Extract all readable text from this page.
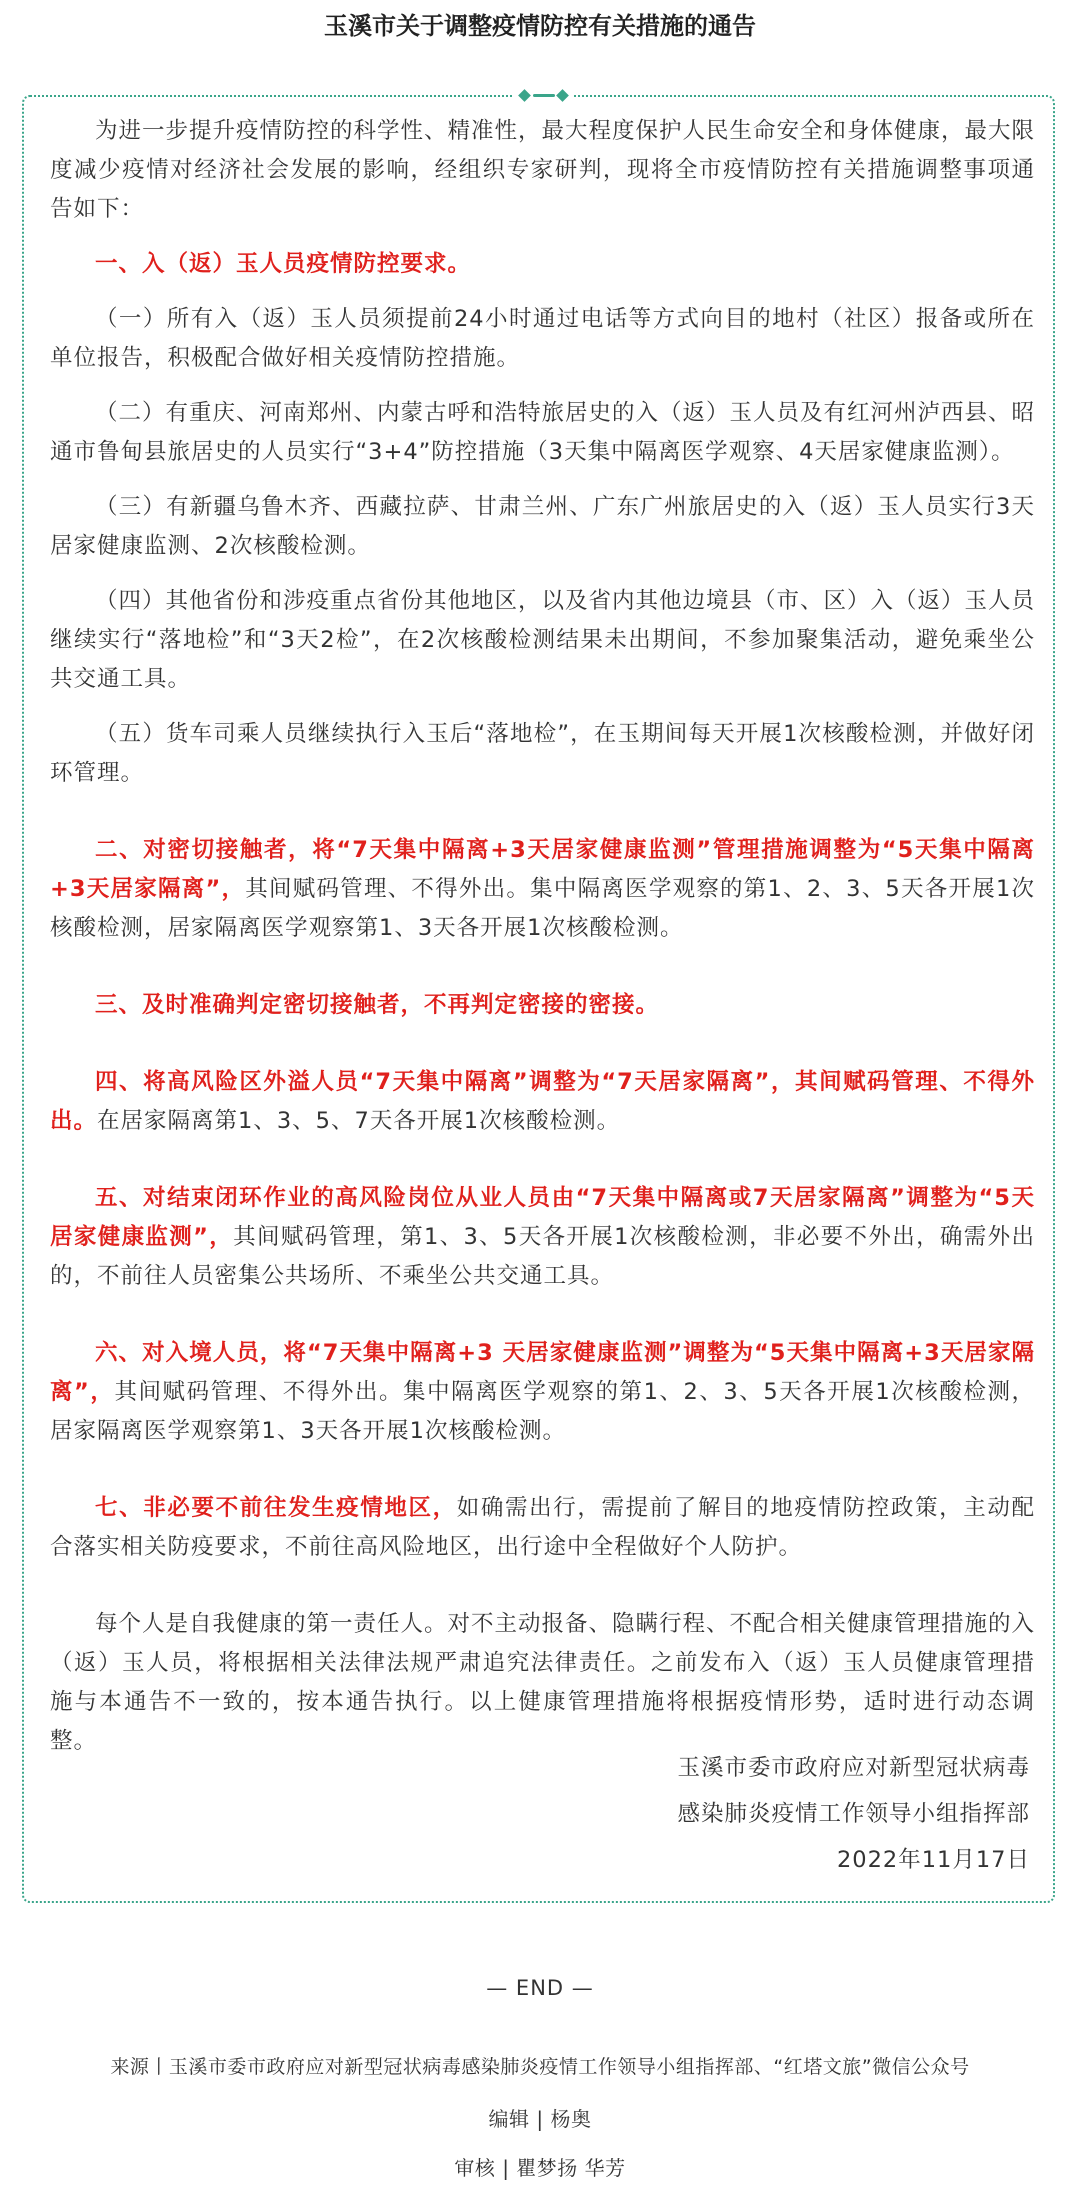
玉溪市关于调整疫情防控有关措施的通告

为进一步提升疫情防控的科学性、精准性，最大程度保护人民生命安全和身体健康，最大限度减少疫情对经济社会发展的影响，经组织专家研判，现将全市疫情防控有关措施调整事项通告如下：

一、入（返）玉人员疫情防控要求。

（一）所有入（返）玉人员须提前24小时通过电话等方式向目的地村（社区）报备或所在单位报告，积极配合做好相关疫情防控措施。

（二）有重庆、河南郑州、内蒙古呼和浩特旅居史的入（返）玉人员及有红河州泸西县、昭通市鲁甸县旅居史的人员实行“3+4”防控措施（3天集中隔离医学观察、4天居家健康监测）。

（三）有新疆乌鲁木齐、西藏拉萨、甘肃兰州、广东广州旅居史的入（返）玉人员实行3天居家健康监测、2次核酸检测。

（四）其他省份和涉疫重点省份其他地区，以及省内其他边境县（市、区）入（返）玉人员继续实行“落地检”和“3天2检”，在2次核酸检测结果未出期间，不参加聚集活动，避免乘坐公共交通工具。

（五）货车司乘人员继续执行入玉后“落地检”，在玉期间每天开展1次核酸检测，并做好闭环管理。

二、对密切接触者，将“7天集中隔离+3天居家健康监测”管理措施调整为“5天集中隔离+3天居家隔离”，其间赋码管理、不得外出。集中隔离医学观察的第1、2、3、5天各开展1次核酸检测，居家隔离医学观察第1、3天各开展1次核酸检测。

三、及时准确判定密切接触者，不再判定密接的密接。

四、将高风险区外溢人员“7天集中隔离”调整为“7天居家隔离”，其间赋码管理、不得外出。在居家隔离第1、3、5、7天各开展1次核酸检测。

五、对结束闭环作业的高风险岗位从业人员由“7天集中隔离或7天居家隔离”调整为“5天居家健康监测”，其间赋码管理，第1、3、5天各开展1次核酸检测，非必要不外出，确需外出的，不前往人员密集公共场所、不乘坐公共交通工具。

六、对入境人员，将“7天集中隔离+3 天居家健康监测”调整为“5天集中隔离+3天居家隔离”，其间赋码管理、不得外出。集中隔离医学观察的第1、2、3、5天各开展1次核酸检测，居家隔离医学观察第1、3天各开展1次核酸检测。

七、非必要不前往发生疫情地区，如确需出行，需提前了解目的地疫情防控政策，主动配合落实相关防疫要求，不前往高风险地区，出行途中全程做好个人防护。

每个人是自我健康的第一责任人。对不主动报备、隐瞒行程、不配合相关健康管理措施的入（返）玉人员，将根据相关法律法规严肃追究法律责任。之前发布入（返）玉人员健康管理措施与本通告不一致的，按本通告执行。以上健康管理措施将根据疫情形势，适时进行动态调整。

玉溪市委市政府应对新型冠状病毒
感染肺炎疫情工作领导小组指挥部
2022年11月17日
— END —
来源丨玉溪市委市政府应对新型冠状病毒感染肺炎疫情工作领导小组指挥部、“红塔文旅”微信公众号
编辑 | 杨奥
审核 | 瞿梦扬 华芳
